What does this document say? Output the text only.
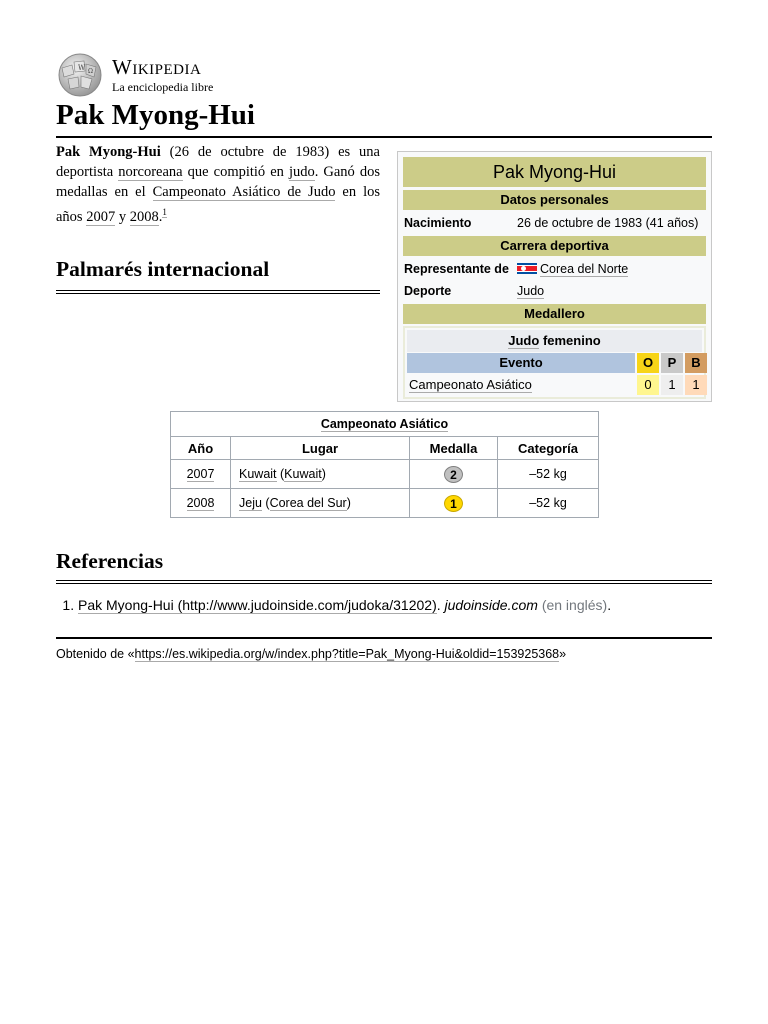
W Ω Wikipedia
La enciclopedia libre
Pak Myong-Hui

Pak Myong-Hui (26 de octubre de 1983) es una deportista norcoreana que compitió en judo. Ganó dos medallas en el Campeonato Asiático de Judo en los años 2007 y 2008.$^1$

Palmarés internacional
Pak Myong-Hui
Datos personales
Nacimiento	26 de octubre de 1983 (41 años)
Carrera deportiva
Representante de	Corea del Norte
Deporte	Judo
Medallero
Judo femenino
Evento	O	P	B
Campeonato Asiático	0	1	1
Campeonato Asiático			
Año	Lugar	Medalla	Categoría
2007	Kuwait (Kuwait)	2	–52 kg
2008	Jeju (Corea del Sur)	1	–52 kg
Referencias
1. Pak Myong-Hui (http://www.judoinside.com/judoka/31202). judoinside.com (en inglés).
Obtenido de «https://es.wikipedia.org/w/index.php?title=Pak_Myong-Hui&oldid=153925368»
